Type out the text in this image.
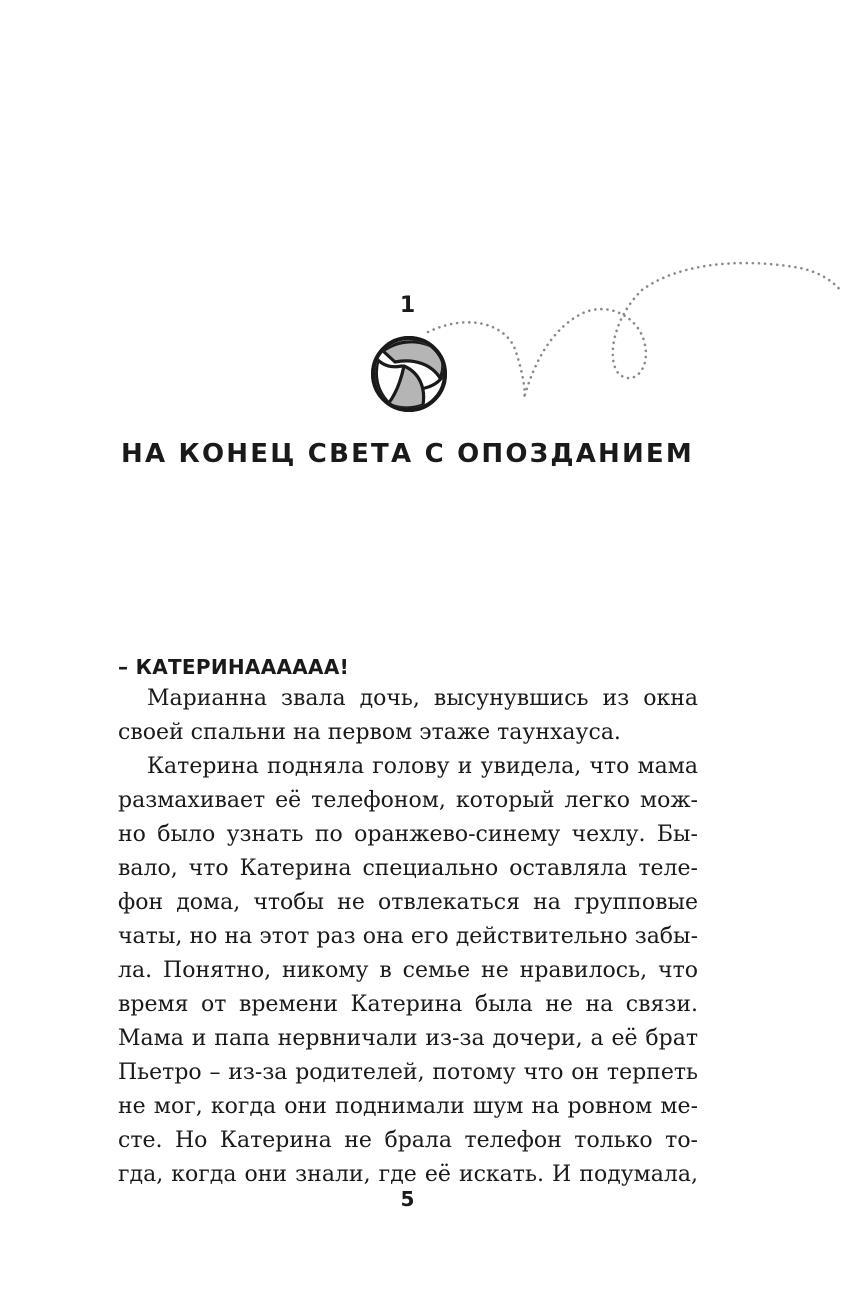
1
НА КОНЕЦ СВЕТА С ОПОЗДАНИЕМ
– КАТЕРИНАААААА!

Марианна звала дочь, высунувшись из окна
своей спальни на первом этаже таунхауса.

Катерина подняла голову и увидела, что мама
размахивает её телефоном, который легко мож-
но было узнать по оранжево-синему чехлу. Бы-
вало, что Катерина специально оставляла теле-
фон дома, чтобы не отвлекаться на групповые
чаты, но на этот раз она его действительно забы-
ла. Понятно, никому в семье не нравилось, что
время от времени Катерина была не на связи.
Мама и папа нервничали из-за дочери, а её брат
Пьетро – из-за родителей, потому что он терпеть
не мог, когда они поднимали шум на ровном ме-
сте. Но Катерина не брала телефон только то-
гда, когда они знали, где её искать. И подумала,

5
